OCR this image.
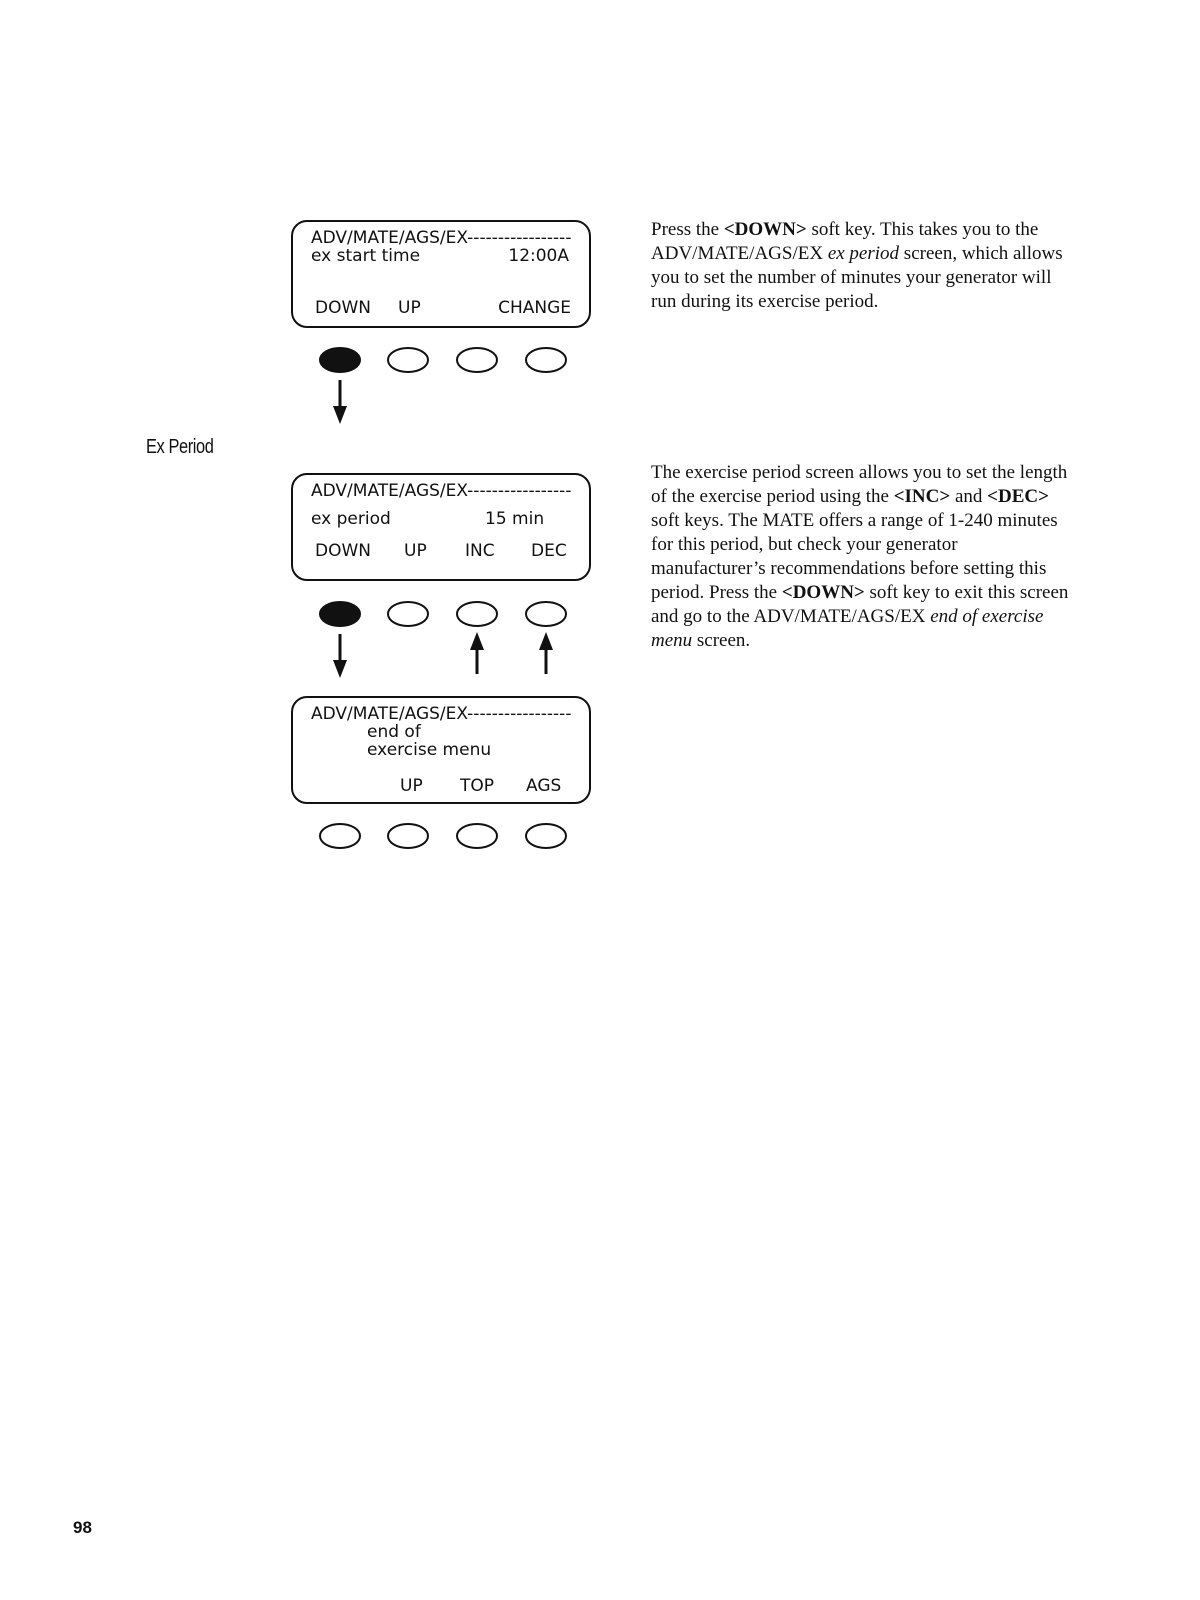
Ex Period
ADV/MATE/AGS/EX-----------------
ex start time	12:00A
DOWN UP	CHANGE
ADV/MATE/AGS/EX-----------------
ex period	15 min
DOWN UP INC DEC
ADV/MATE/AGS/EX-----------------
end of
exercise menu
UP TOP AGS

Press the <DOWN> soft key. This takes you to the ADV/MATE/AGS/EX ex period screen, which allows you to set the number of minutes your generator will run during its exercise period.

The exercise period screen allows you to set the length of the exercise period using the <INC> and <DEC> soft keys. The MATE offers a range of 1-240 minutes for this period, but check your generator manufacturer’s recommendations before setting this period. Press the <DOWN> soft key to exit this screen and go to the ADV/MATE/AGS/EX end of exercise menu screen.

98
